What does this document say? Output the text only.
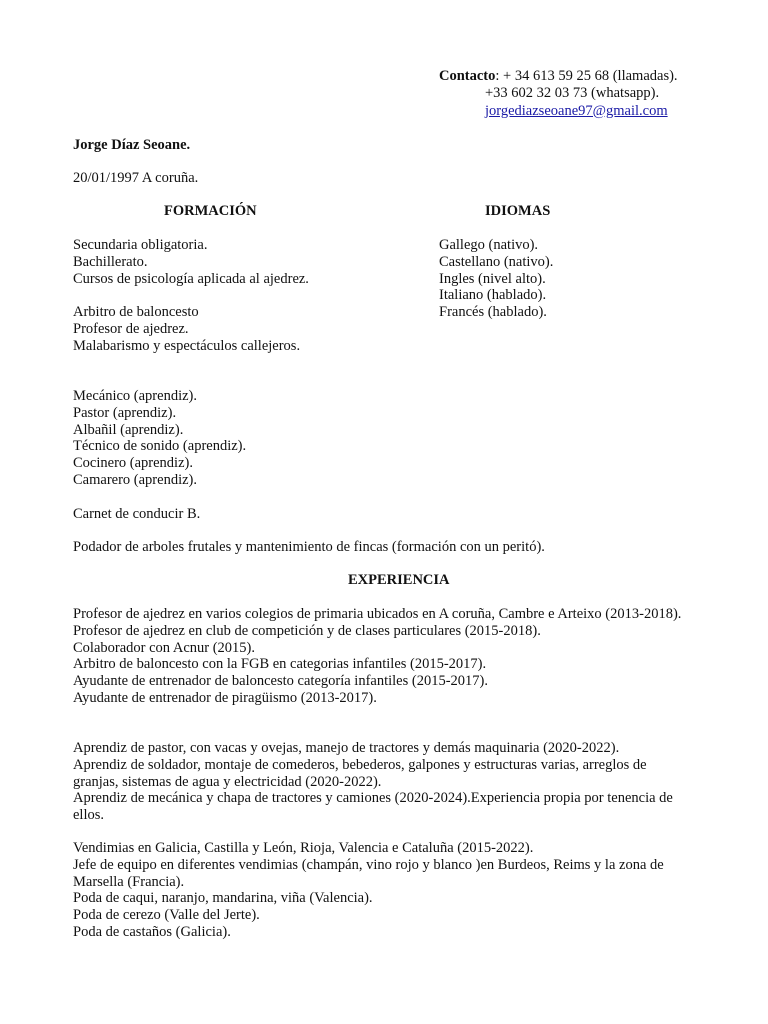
Contacto: + 34 613 59 25 68 (llamadas).
+33 602 32 03 73 (whatsapp).
jorgediazseoane97@gmail.com
Jorge Díaz Seoane.
20/01/1997 A coruña.
FORMACIÓN	IDIOMAS
Secundaria obligatoria.
Bachillerato.
Cursos de psicología aplicada al ajedrez.
Arbitro de baloncesto
Profesor de ajedrez.
Malabarismo y espectáculos callejeros.
Gallego (nativo).
Castellano (nativo).
Ingles (nivel alto).
Italiano (hablado).
Francés (hablado).
Mecánico (aprendiz).
Pastor (aprendiz).
Albañil (aprendiz).
Técnico de sonido (aprendiz).
Cocinero (aprendiz).
Camarero (aprendiz).
Carnet de conducir B.
Podador de arboles frutales y mantenimiento de fincas (formación con un peritó).
EXPERIENCIA

Profesor de ajedrez en varios colegios de primaria ubicados en A coruña, Cambre e Arteixo (2013-2018).

Profesor de ajedrez en club de competición y de clases particulares (2015-2018).

Colaborador con Acnur (2015).

Arbitro de baloncesto con la FGB en categorias infantiles (2015-2017).

Ayudante de entrenador de baloncesto categoría infantiles (2015-2017).

Ayudante de entrenador de piragüismo (2013-2017).

Aprendiz de pastor, con vacas y ovejas, manejo de tractores y demás maquinaria (2020-2022).

Aprendiz de soldador, montaje de comederos, bebederos, galpones y estructuras varias, arreglos de granjas, sistemas de agua y electricidad (2020-2022).

Aprendiz de mecánica y chapa de tractores y camiones (2020-2024).Experiencia propia por tenencia de ellos.

Vendimias en Galicia, Castilla y León, Rioja, Valencia e Cataluña (2015-2022).

Jefe de equipo en diferentes vendimias (champán, vino rojo y blanco )en Burdeos, Reims y la zona de Marsella (Francia).

Poda de caqui, naranjo, mandarina, viña (Valencia).

Poda de cerezo (Valle del Jerte).

Poda de castaños (Galicia).
